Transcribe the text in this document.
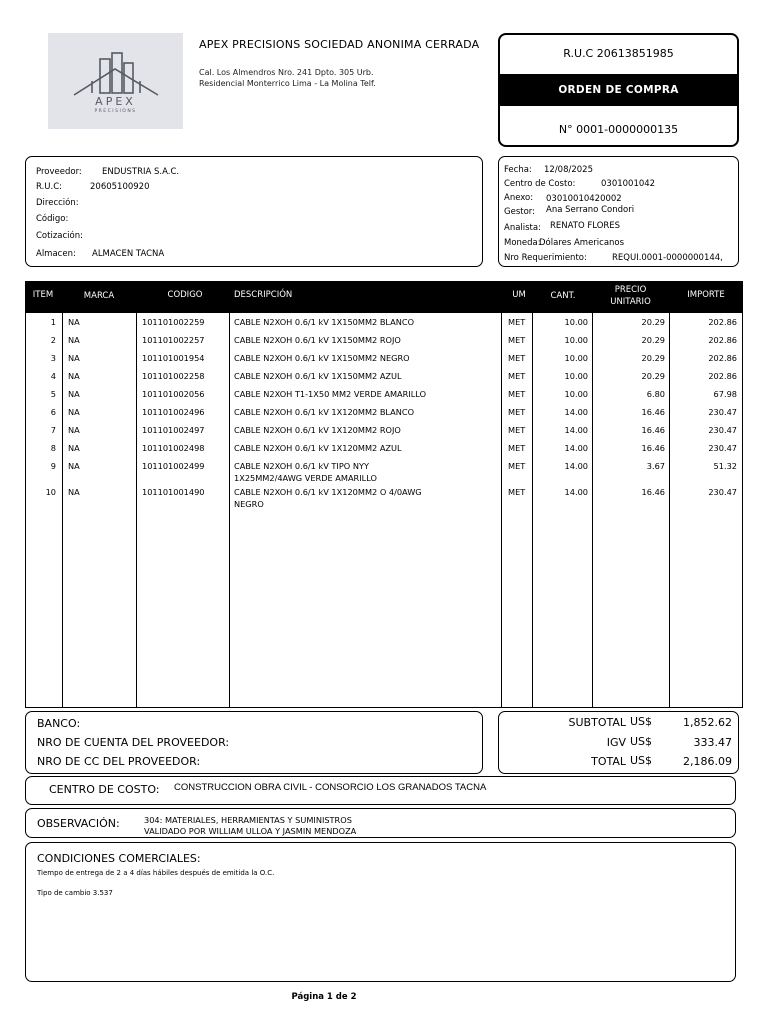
APEX
PRECISIONS
APEX PRECISIONS SOCIEDAD ANONIMA CERRADA
Cal. Los Almendros Nro. 241 Dpto. 305 Urb.
Residencial Monterrico Lima - La Molina Telf.
R.U.C 20613851985
ORDEN DE COMPRA
N° 0001-0000000135
Proveedor: ENDUSTRIA S.A.C.
R.U.C:	20605100920
Dirección:
Código:
Cotización:
Almacen: ALMACEN TACNA
Fecha: 12/08/2025
Centro de Costo:	0301001042
Anexo: 03010010420002
Gestor: Ana Serrano Condori
Analista: RENATO FLORES
Moneda:
Dólares Americanos
Nro Requerimiento:	REQUI.0001-0000000144,
ITEM	MARCA	CODIGO	DESCRIPCIÓN	UM	CANT.
PRECIO
UNITARIO
IMPORTE
1 NA	101101002259	CABLE N2XOH 0.6/1 kV 1X150MM2 BLANCO	MET	10.00	20.29	202.86
2 NA	101101002257	CABLE N2XOH 0.6/1 kV 1X150MM2 ROJO	MET	10.00	20.29	202.86
3 NA	101101001954	CABLE N2XOH 0.6/1 kV 1X150MM2 NEGRO	MET	10.00	20.29	202.86
4 NA	101101002258	CABLE N2XOH 0.6/1 kV 1X150MM2 AZUL	MET	10.00	20.29	202.86
5 NA	101101002056	CABLE N2XOH T1-1X50 MM2 VERDE AMARILLO	MET	10.00	6.80	67.98
6 NA	101101002496	CABLE N2XOH 0.6/1 kV 1X120MM2 BLANCO	MET	14.00	16.46	230.47
7 NA	101101002497	CABLE N2XOH 0.6/1 kV 1X120MM2 ROJO	MET	14.00	16.46	230.47
8 NA	101101002498	CABLE N2XOH 0.6/1 kV 1X120MM2 AZUL	MET	14.00	16.46	230.47
9 NA	101101002499	CABLE N2XOH 0.6/1 kV TIPO NYY
1X25MM2/4AWG VERDE AMARILLO
MET	14.00	3.67	51.32
10 NA	101101001490	CABLE N2XOH 0.6/1 kV 1X120MM2 O 4/0AWG
NEGRO
MET	14.00	16.46	230.47
BANCO:
NRO DE CUENTA DEL PROVEEDOR:
NRO DE CC DEL PROVEEDOR:
SUBTOTAL US$	1,852.62
IGV US$	333.47
TOTAL US$	2,186.09
CENTRO DE COSTO: CONSTRUCCION OBRA CIVIL - CONSORCIO LOS GRANADOS TACNA
OBSERVACIÓN:	304: MATERIALES, HERRAMIENTAS Y SUMINISTROS
VALIDADO POR WILLIAM ULLOA Y JASMIN MENDOZA
CONDICIONES COMERCIALES:
Tiempo de entrega de 2 a 4 días hábiles después de emitida la O.C.
Tipo de cambio 3.537
Página 1 de 2
